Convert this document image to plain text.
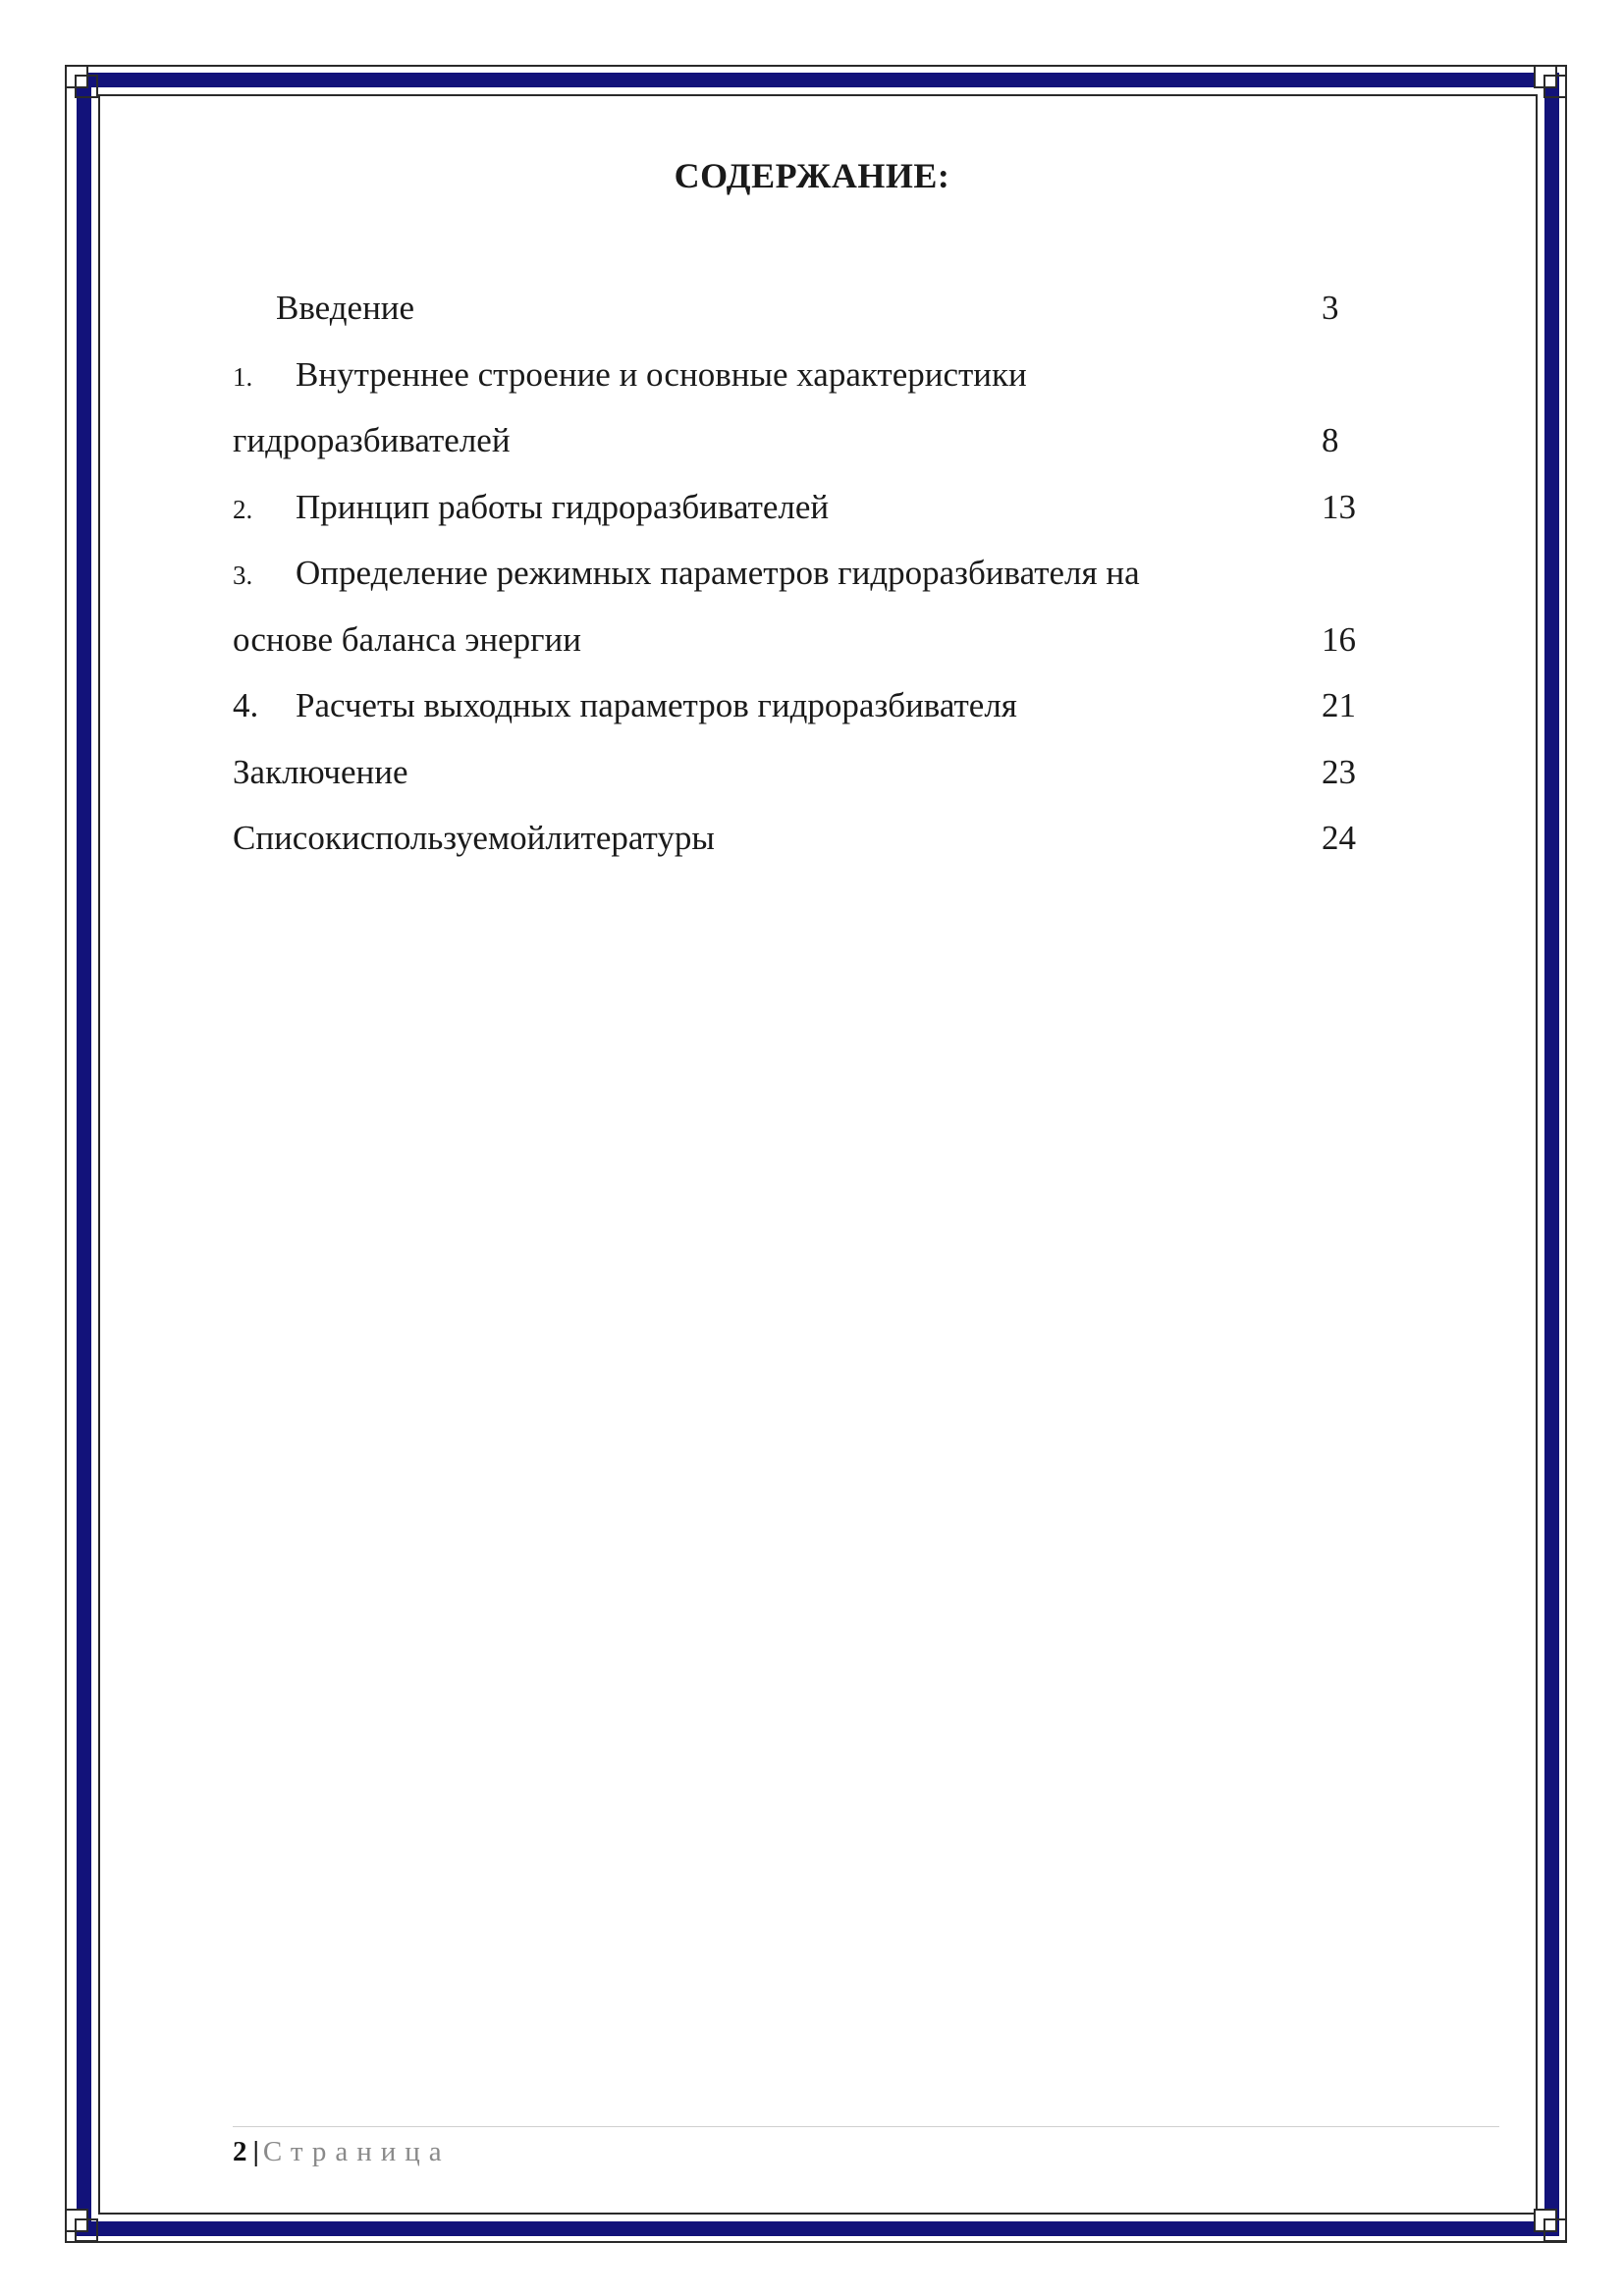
СОДЕРЖАНИЕ:
Введение	3
1. Внутреннее строение и основные характеристики
гидроразбивателей	8
2. Принцип работы гидроразбивателей	13
3. Определение режимных параметров гидроразбивателя на
основе баланса энергии	16
4. Расчеты выходных параметров гидроразбивателя	21
Заключение	23
Списокиспользуемойлитературы	24
2 | Страница
